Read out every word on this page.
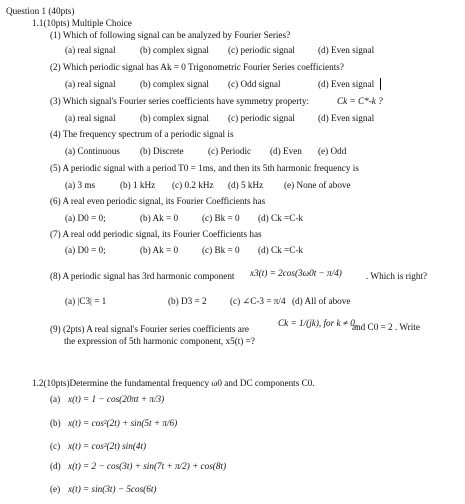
Question 1 (40pts)
1.1(10pts) Multiple Choice
(1) Which of following signal can be analyzed by Fourier Series?
(a) real signal	(b) complex signal (c) periodic signal	(d) Even signal
(2) Which periodic signal has Ak = 0 Trigonometric Fourier Series coefficients?
(a) real signal	(b) complex signal (c) Odd signal	(d) Even signal
(3) Which signal's Fourier series coefficients have symmetry property:	Ck = C*-k ?
(a) real signal	(b) complex signal (c) periodic signal	(d) Even signal
(4) The frequency spectrum of a periodic signal is
(a) Continuous (b) Discrete	(c) Periodic (d) Even (e) Odd
(5) A periodic signal with a period T0 = 1ms, and then its 5th harmonic frequency is
(a) 3 ms	(b) 1 kHz (c) 0.2 kHz (d) 5 kHz (e) None of above
(6) A real even periodic signal, its Fourier Coefficients has
(a) D0 = 0;	(b) Ak = 0	(c) Bk = 0 (d) Ck =C-k
(7) A real odd periodic signal, its Fourier Coefficients has
(a) D0 = 0;	(b) Ak = 0	(c) Bk = 0 (d) Ck =C-k
(8) A periodic signal has 3rd harmonic component x3(t) = 2cos(3ω0t − π/4)	. Which is right?
(a) |C3| = 1	(b) D3 = 2	(c) ∠C-3 = π/4 (d) All of above
(9) (2pts) A real signal's Fourier series coefficients are
Ck = 1/(jk), for k ≠ 0,
and C0 = 2 . Write
the expression of 5th harmonic component, x5(t) =?
1.2(10pts)Determine the fundamental frequency ω0 and DC components C0.
(a) x(t) = 1 − cos(20πt + π/3)
(b) x(t) = cos²(2t) + sin(5t + π/6)
(c) x(t) = cos²(2t) sin(4t)
(d) x(t) = 2 − cos(3t) + sin(7t + π/2) + cos(8t)
(e) x(t) = sin(3t) − 5cos(6t)
